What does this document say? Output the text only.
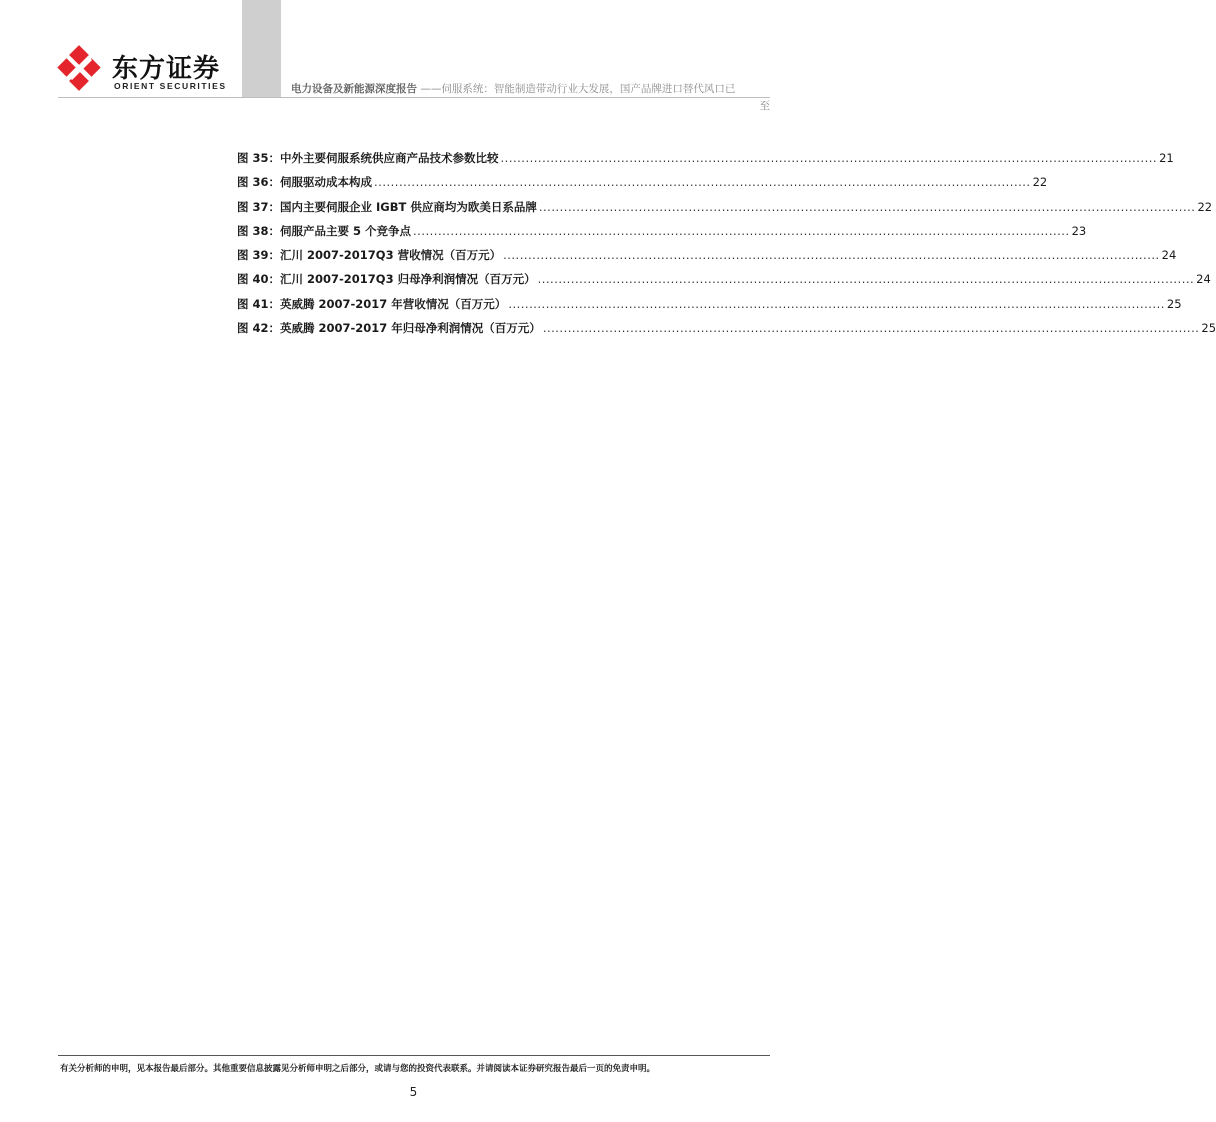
东方证券
ORIENT SECURITIES	电力设备及新能源深度报告 ——伺服系统：智能制造带动行业大发展，国产品牌进口替代风口已
至
图 35： 中外主要伺服系统供应商产品技术参数比较 .............................................................................................................................................................. 21
图 36： 伺服驱动成本构成 .............................................................................................................................................................. 22
图 37： 国内主要伺服企业 IGBT 供应商均为欧美日系品牌 .............................................................................................................................................................. 22
图 38： 伺服产品主要 5 个竞争点 .............................................................................................................................................................. 23
图 39： 汇川 2007-2017Q3 营收情况（百万元） .............................................................................................................................................................. 24
图 40： 汇川 2007-2017Q3 归母净利润情况（百万元） .............................................................................................................................................................. 24
图 41： 英威腾 2007-2017 年营收情况（百万元） .............................................................................................................................................................. 25
图 42： 英威腾 2007-2017 年归母净利润情况（百万元） .............................................................................................................................................................. 25
有关分析师的申明，见本报告最后部分。其他重要信息披露见分析师申明之后部分，或请与您的投资代表联系。并请阅读本证券研究报告最后一页的免责申明。
5
